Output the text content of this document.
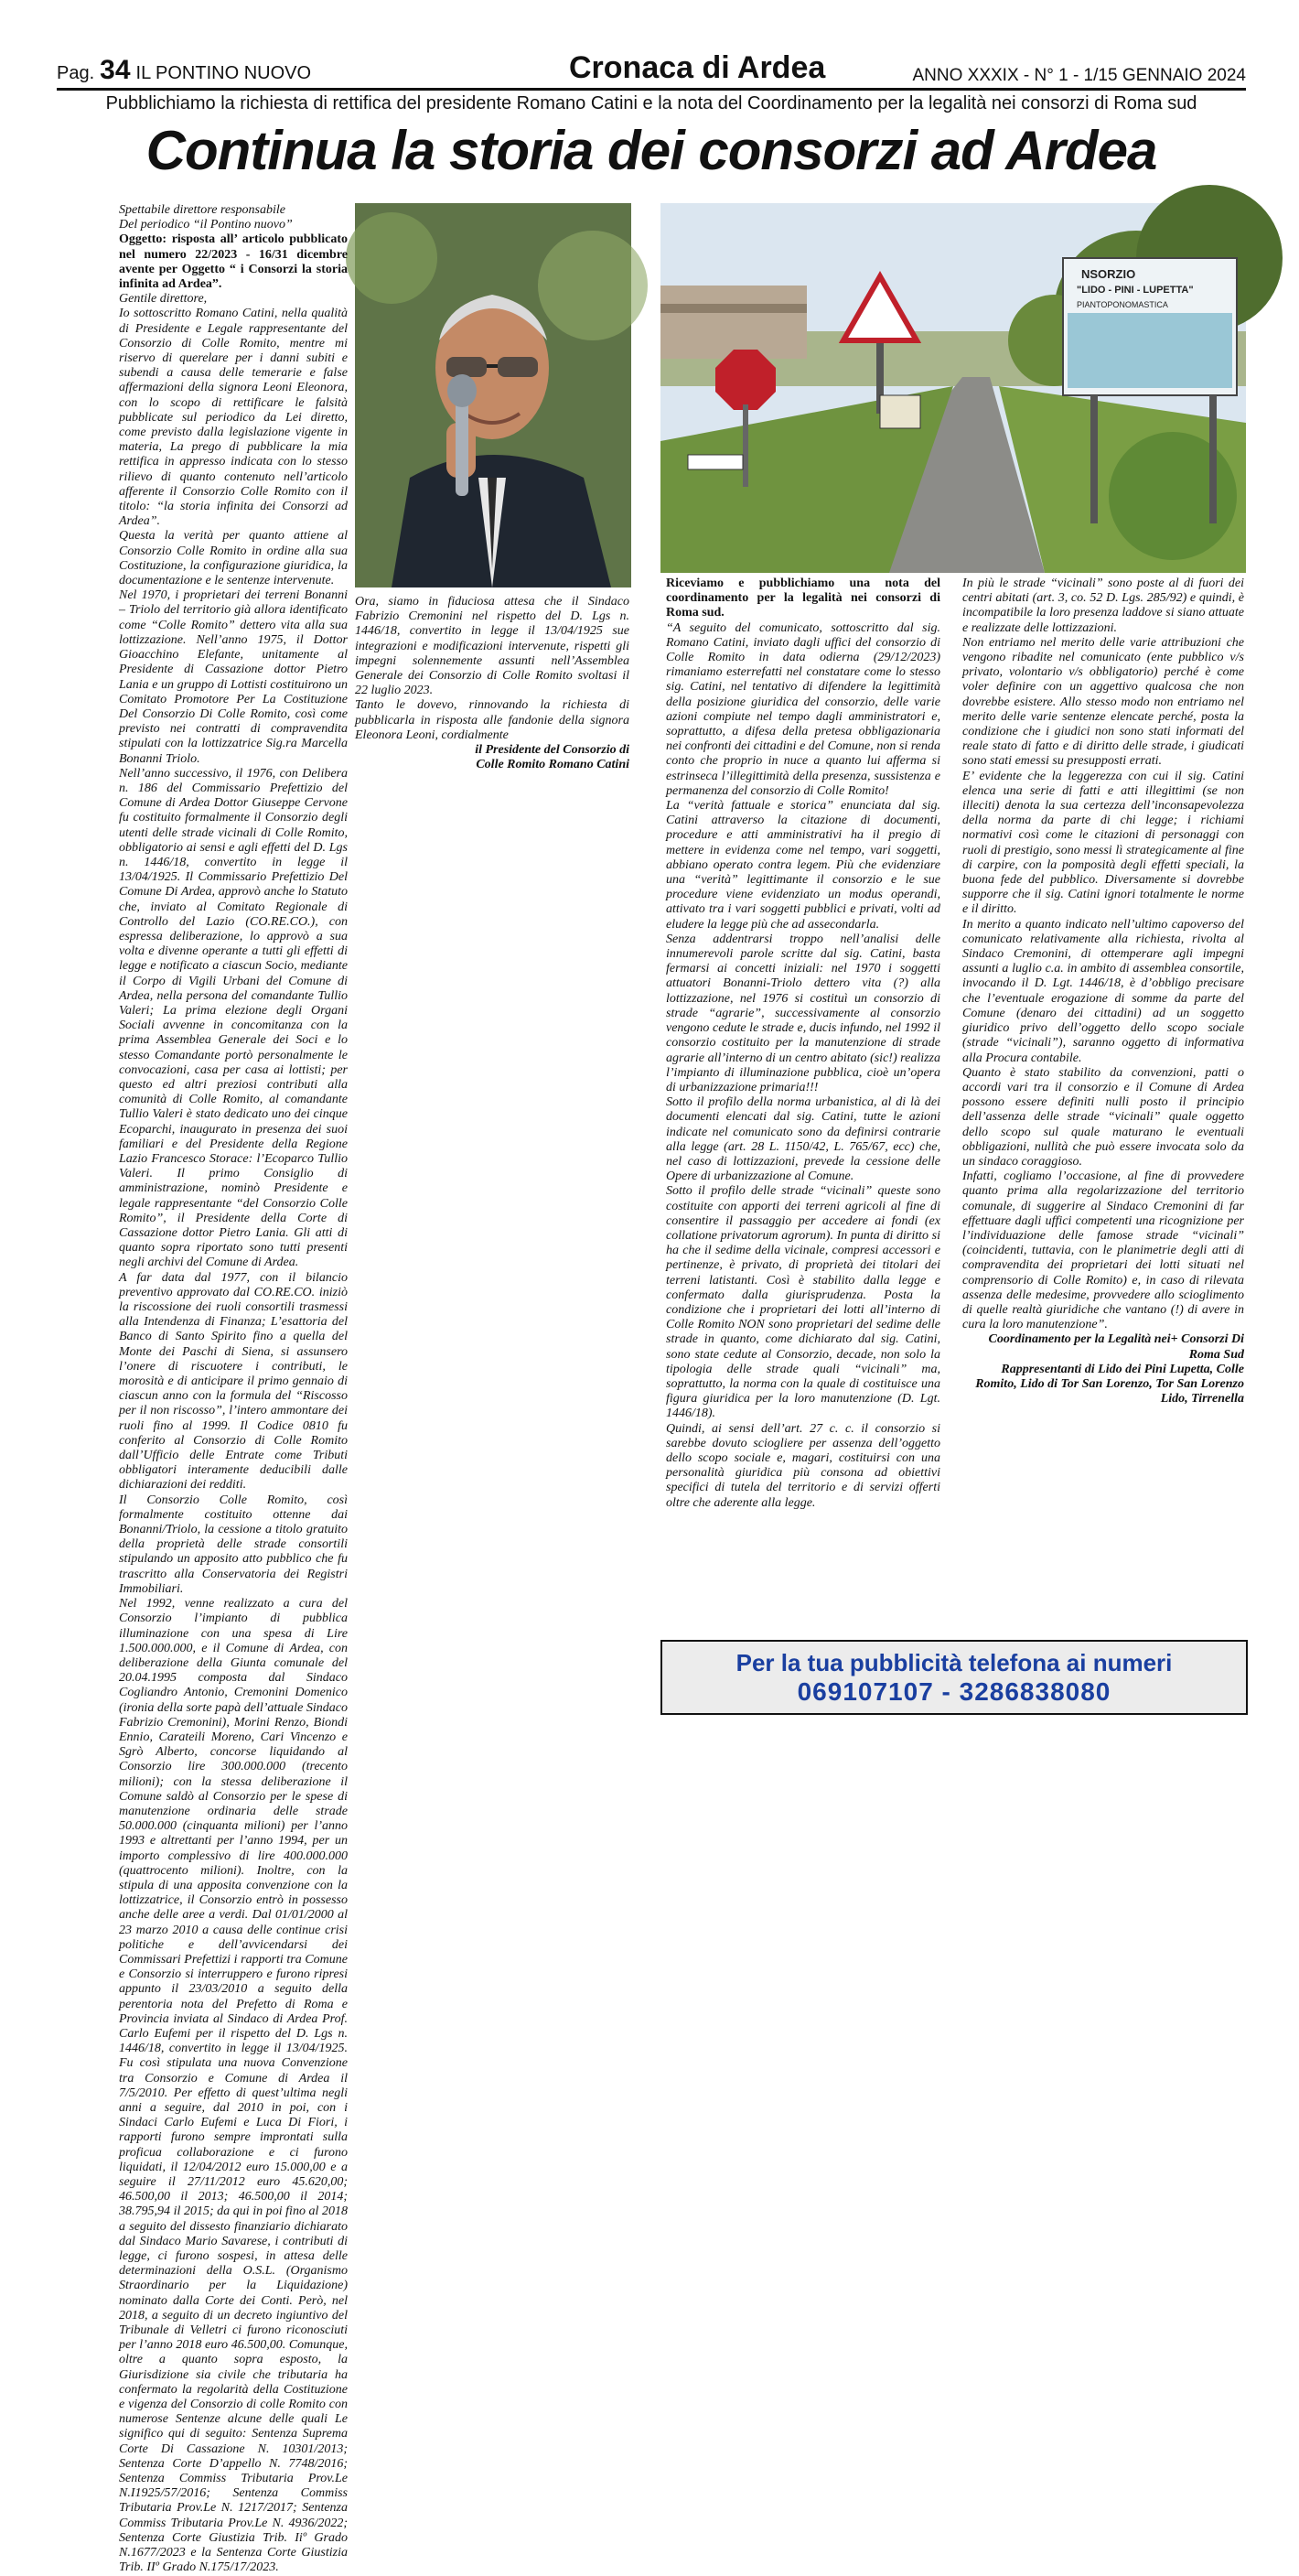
Pag. 34 IL PONTINO NUOVO	Cronaca di Ardea	ANNO XXXIX - N° 1 - 1/15 GENNAIO 2024
Pubblichiamo la richiesta di rettifica del presidente Romano Catini e la nota del Coordinamento per la legalità nei consorzi di Roma sud
Continua la storia dei consorzi ad Ardea
NSORZIO
"LIDO - PINI - LUPETTA"
PIANTOPONOMASTICA

Spettabile direttore responsabile

Del periodico “il Pontino nuovo”

Oggetto: risposta all’ articolo pubblicato nel numero 22/2023 - 16/31 dicembre avente per Oggetto “ i Consorzi la storia infinita ad Ardea”.

Gentile direttore,

Io sottoscritto Romano Catini, nella qualità di Presidente e Legale rappresentante del Consorzio di Colle Romito, mentre mi riservo di querelare per i danni subiti e subendi a causa delle temerarie e false affermazioni della signora Leoni Eleonora, con lo scopo di rettificare le falsità pubblicate sul periodico da Lei diretto, come previsto dalla legislazione vigente in materia, La prego di pubblicare la mia rettifica in appresso indicata con lo stesso rilievo di quanto contenuto nell’articolo afferente il Consorzio Colle Romito con il titolo: “la storia infinita dei Consorzi ad Ardea”.

Questa la verità per quanto attiene al Consorzio Colle Romito in ordine alla sua Costituzione, la configurazione giuridica, la documentazione e le sentenze intervenute.

Nel 1970, i proprietari dei terreni Bonanni – Triolo del territorio già allora identificato come “Colle Romito” dettero vita alla sua lottizzazione. Nell’anno 1975, il Dottor Gioacchino Elefante, unitamente al Presidente di Cassazione dottor Pietro Lania e un gruppo di Lottisti costituirono un Comitato Promotore Per La Costituzione Del Consorzio Di Colle Romito, così come previsto nei contratti di compravendita stipulati con la lottizzatrice Sig.ra Marcella Bonanni Triolo.

Nell’anno successivo, il 1976, con Delibera n. 186 del Commissario Prefettizio del Comune di Ardea Dottor Giuseppe Cervone fu costituito formalmente il Consorzio degli utenti delle strade vicinali di Colle Romito, obbligatorio ai sensi e agli effetti del D. Lgs n. 1446/18, convertito in legge il 13/04/1925. Il Commissario Prefettizio Del Comune Di Ardea, approvò anche lo Statuto che, inviato al Comitato Regionale di Controllo del Lazio (CO.RE.CO.), con espressa deliberazione, lo approvò a sua volta e divenne operante a tutti gli effetti di legge e notificato a ciascun Socio, mediante il Corpo di Vigili Urbani del Comune di Ardea, nella persona del comandante Tullio Valeri; La prima elezione degli Organi Sociali avvenne in concomitanza con la prima Assemblea Generale dei Soci e lo stesso Comandante portò personalmente le convocazioni, casa per casa ai lottisti; per questo ed altri preziosi contributi alla comunità di Colle Romito, al comandante Tullio Valeri è stato dedicato uno dei cinque Ecoparchi, inaugurato in presenza dei suoi familiari e del Presidente della Regione Lazio Francesco Storace: l’Ecoparco Tullio Valeri. Il primo Consiglio di amministrazione, nominò Presidente e legale rappresentante “del Consorzio Colle Romito”, il Presidente della Corte di Cassazione dottor Pietro Lania. Gli atti di quanto sopra riportato sono tutti presenti negli archivi del Comune di Ardea.

A far data dal 1977, con il bilancio preventivo approvato dal CO.RE.CO. iniziò la riscossione dei ruoli consortili trasmessi alla Intendenza di Finanza; L’esattoria del Banco di Santo Spirito fino a quella del Monte dei Paschi di Siena, si assunsero l’onere di riscuotere i contributi, le morosità e di anticipare il primo gennaio di ciascun anno con la formula del “Riscosso per il non riscosso”, l’intero ammontare dei ruoli fino al 1999. Il Codice 0810 fu conferito al Consorzio di Colle Romito dall’Ufficio delle Entrate come Tributi obbligatori interamente deducibili dalle dichiarazioni dei redditi.

Il Consorzio Colle Romito, così formalmente costituito ottenne dai Bonanni/Triolo, la cessione a titolo gratuito della proprietà delle strade consortili stipulando un apposito atto pubblico che fu trascritto alla Conservatoria dei Registri Immobiliari.

Nel 1992, venne realizzato a cura del Consorzio l’impianto di pubblica illuminazione con una spesa di Lire 1.500.000.000, e il Comune di Ardea, con deliberazione della Giunta comunale del 20.04.1995 composta dal Sindaco Cogliandro Antonio, Cremonini Domenico (ironia della sorte papà dell’attuale Sindaco Fabrizio Cremonini), Morini Renzo, Biondi Ennio, Carateili Moreno, Cari Vincenzo e Sgrò Alberto, concorse liquidando al Consorzio lire 300.000.000 (trecento milioni); con la stessa deliberazione il Comune saldò al Consorzio per le spese di manutenzione ordinaria delle strade 50.000.000 (cinquanta milioni) per l’anno 1993 e altrettanti per l’anno 1994, per un importo complessivo di lire 400.000.000 (quattrocento milioni). Inoltre, con la stipula di una apposita convenzione con la lottizzatrice, il Consorzio entrò in possesso anche delle aree a verdi. Dal 01/01/2000 al 23 marzo 2010 a causa delle continue crisi politiche e dell’avvicendarsi dei Commissari Prefettizi i rapporti tra Comune e Consorzio si interruppero e furono ripresi appunto il 23/03/2010 a seguito della perentoria nota del Prefetto di Roma e Provincia inviata al Sindaco di Ardea Prof. Carlo Eufemi per il rispetto del D. Lgs n. 1446/18, convertito in legge il 13/04/1925. Fu così stipulata una nuova Convenzione tra Consorzio e Comune di Ardea il 7/5/2010. Per effetto di quest’ultima negli anni a seguire, dal 2010 in poi, con i Sindaci Carlo Eufemi e Luca Di Fiori, i rapporti furono sempre improntati sulla proficua collaborazione e ci furono liquidati, il 12/04/2012 euro 15.000,00 e a seguire il 27/11/2012 euro 45.620,00; 46.500,00 il 2013; 46.500,00 il 2014; 38.795,94 il 2015; da qui in poi fino al 2018 a seguito del dissesto finanziario dichiarato dal Sindaco Mario Savarese, i contributi di legge, ci furono sospesi, in attesa delle determinazioni della O.S.L. (Organismo Straordinario per la Liquidazione) nominato dalla Corte dei Conti. Però, nel 2018, a seguito di un decreto ingiuntivo del Tribunale di Velletri ci furono riconosciuti per l’anno 2018 euro 46.500,00. Comunque, oltre a quanto sopra esposto, la Giurisdizione sia civile che tributaria ha confermato la regolarità della Costituzione e vigenza del Consorzio di colle Romito con numerose Sentenze alcune delle quali Le significo qui di seguito: Sentenza Suprema Corte Di Cassazione N. 10301/2013; Sentenza Corte D’appello N. 7748/2016; Sentenza Commiss Tributaria Prov.Le N.I1925/57/2016; Sentenza Commiss Tributaria Prov.Le N. 1217/2017; Sentenza Commiss Tributaria Prov.Le N. 4936/2022; Sentenza Corte Giustizia Trib. Iiº Grado N.1677/2023 e la Sentenza Corte Giustizia Trib. IIº Grado N.175/17/2023.

Ora, siamo in fiduciosa attesa che il Sindaco Fabrizio Cremonini nel rispetto del D. Lgs n. 1446/18, convertito in legge il 13/04/1925 sue integrazioni e modificazioni intervenute, rispetti gli impegni solennemente assunti nell’Assemblea Generale dei Consorzio di Colle Romito svoltasi il 22 luglio 2023.

Tanto le dovevo, rinnovando la richiesta di pubblicarla in risposta alle fandonie della signora Eleonora Leoni, cordialmente

il Presidente del Consorzio di

Colle Romito Romano Catini

Riceviamo e pubblichiamo una nota del coordinamento per la legalità nei consorzi di Roma sud.

“A seguito del comunicato, sottoscritto dal sig. Romano Catini, inviato dagli uffici del consorzio di Colle Romito in data odierna (29/12/2023) rimaniamo esterrefatti nel constatare come lo stesso sig. Catini, nel tentativo di difendere la legittimità della posizione giuridica del consorzio, delle varie azioni compiute nel tempo dagli amministratori e, soprattutto, a difesa della pretesa obbligazionaria nei confronti dei cittadini e del Comune, non si renda conto che proprio in nuce a quanto lui afferma si estrinseca l’illegittimità della presenza, sussistenza e permanenza del consorzio di Colle Romito!

La “verità fattuale e storica” enunciata dal sig. Catini attraverso la citazione di documenti, procedure e atti amministrativi ha il pregio di mettere in evidenza come nel tempo, vari soggetti, abbiano operato contra legem. Più che evidenziare una “verità” legittimante il consorzio e le sue procedure viene evidenziato un modus operandi, attivato tra i vari soggetti pubblici e privati, volti ad eludere la legge più che ad assecondarla.

Senza addentrarsi troppo nell’analisi delle innumerevoli parole scritte dal sig. Catini, basta fermarsi ai concetti iniziali: nel 1970 i soggetti attuatori Bonanni-Triolo dettero vita (?) alla lottizzazione, nel 1976 si costituì un consorzio di strade “agrarie”, successivamente al consorzio vengono cedute le strade e, ducis infundo, nel 1992 il consorzio costituito per la manutenzione di strade agrarie all’interno di un centro abitato (sic!) realizza l’impianto di illuminazione pubblica, cioè un’opera di urbanizzazione primaria!!!

Sotto il profilo della norma urbanistica, al di là dei documenti elencati dal sig. Catini, tutte le azioni indicate nel comunicato sono da definirsi contrarie alla legge (art. 28 L. 1150/42, L. 765/67, ecc) che, nel caso di lottizzazioni, prevede la cessione delle Opere di urbanizzazione al Comune.

Sotto il profilo delle strade “vicinali” queste sono costituite con apporti dei terreni agricoli al fine di consentire il passaggio per accedere ai fondi (ex collatione privatorum agrorum). In punta di diritto si ha che il sedime della vicinale, compresi accessori e pertinenze, è privato, di proprietà dei titolari dei terreni latistanti. Così è stabilito dalla legge e confermato dalla giurisprudenza. Posta la condizione che i proprietari dei lotti all’interno di Colle Romito NON sono proprietari del sedime delle strade in quanto, come dichiarato dal sig. Catini, sono state cedute al Consorzio, decade, non solo la tipologia delle strade quali “vicinali” ma, soprattutto, la norma con la quale di costituisce una figura giuridica per la loro manutenzione (D. Lgt. 1446/18).

Quindi, ai sensi dell’art. 27 c. c. il consorzio si sarebbe dovuto sciogliere per assenza dell’oggetto dello scopo sociale e, magari, costituirsi con una personalità giuridica più consona ad obiettivi specifici di tutela del territorio e di servizi offerti oltre che aderente alla legge.

In più le strade “vicinali” sono poste al di fuori dei centri abitati (art. 3, co. 52 D. Lgs. 285/92) e quindi, è incompatibile la loro presenza laddove si siano attuate e realizzate delle lottizzazioni.

Non entriamo nel merito delle varie attribuzioni che vengono ribadite nel comunicato (ente pubblico v/s privato, volontario v/s obbligatorio) perché è come voler definire con un aggettivo qualcosa che non dovrebbe esistere. Allo stesso modo non entriamo nel merito delle varie sentenze elencate perché, posta la condizione che i giudici non sono stati informati del reale stato di fatto e di diritto delle strade, i giudicati sono stati emessi su presupposti errati.

E’ evidente che la leggerezza con cui il sig. Catini elenca una serie di fatti e atti illegittimi (se non illeciti) denota la sua certezza dell’inconsapevolezza della norma da parte di chi legge; i richiami normativi così come le citazioni di personaggi con ruoli di prestigio, sono messi lì strategicamente al fine di carpire, con la pomposità degli effetti speciali, la buona fede del pubblico. Diversamente si dovrebbe supporre che il sig. Catini ignori totalmente le norme e il diritto.

In merito a quanto indicato nell’ultimo capoverso del comunicato relativamente alla richiesta, rivolta al Sindaco Cremonini, di ottemperare agli impegni assunti a luglio c.a. in ambito di assemblea consortile, invocando il D. Lgt. 1446/18, è d’obbligo precisare che l’eventuale erogazione di somme da parte del Comune (denaro dei cittadini) ad un soggetto giuridico privo dell’oggetto dello scopo sociale (strade “vicinali”), saranno oggetto di informativa alla Procura contabile.

Quanto è stato stabilito da convenzioni, patti o accordi vari tra il consorzio e il Comune di Ardea possono essere definiti nulli posto il principio dell’assenza delle strade “vicinali” quale oggetto dello scopo sul quale maturano le eventuali obbligazioni, nullità che può essere invocata solo da un sindaco coraggioso.

Infatti, cogliamo l’occasione, al fine di provvedere quanto prima alla regolarizzazione del territorio comunale, di suggerire al Sindaco Cremonini di far effettuare dagli uffici competenti una ricognizione per l’individuazione delle famose strade “vicinali” (coincidenti, tuttavia, con le planimetrie degli atti di compravendita dei proprietari dei lotti situati nel comprensorio di Colle Romito) e, in caso di rilevata assenza delle medesime, provvedere allo scioglimento di quelle realtà giuridiche che vantano (!) di avere in cura la loro manutenzione”.

Coordinamento per la Legalità nei+ Consorzi Di Roma Sud

Rappresentanti di Lido dei Pini Lupetta, Colle Romito, Lido di Tor San Lorenzo, Tor San Lorenzo Lido, Tirrenella

Per la tua pubblicità telefona ai numeri
069107107 - 3286838080
